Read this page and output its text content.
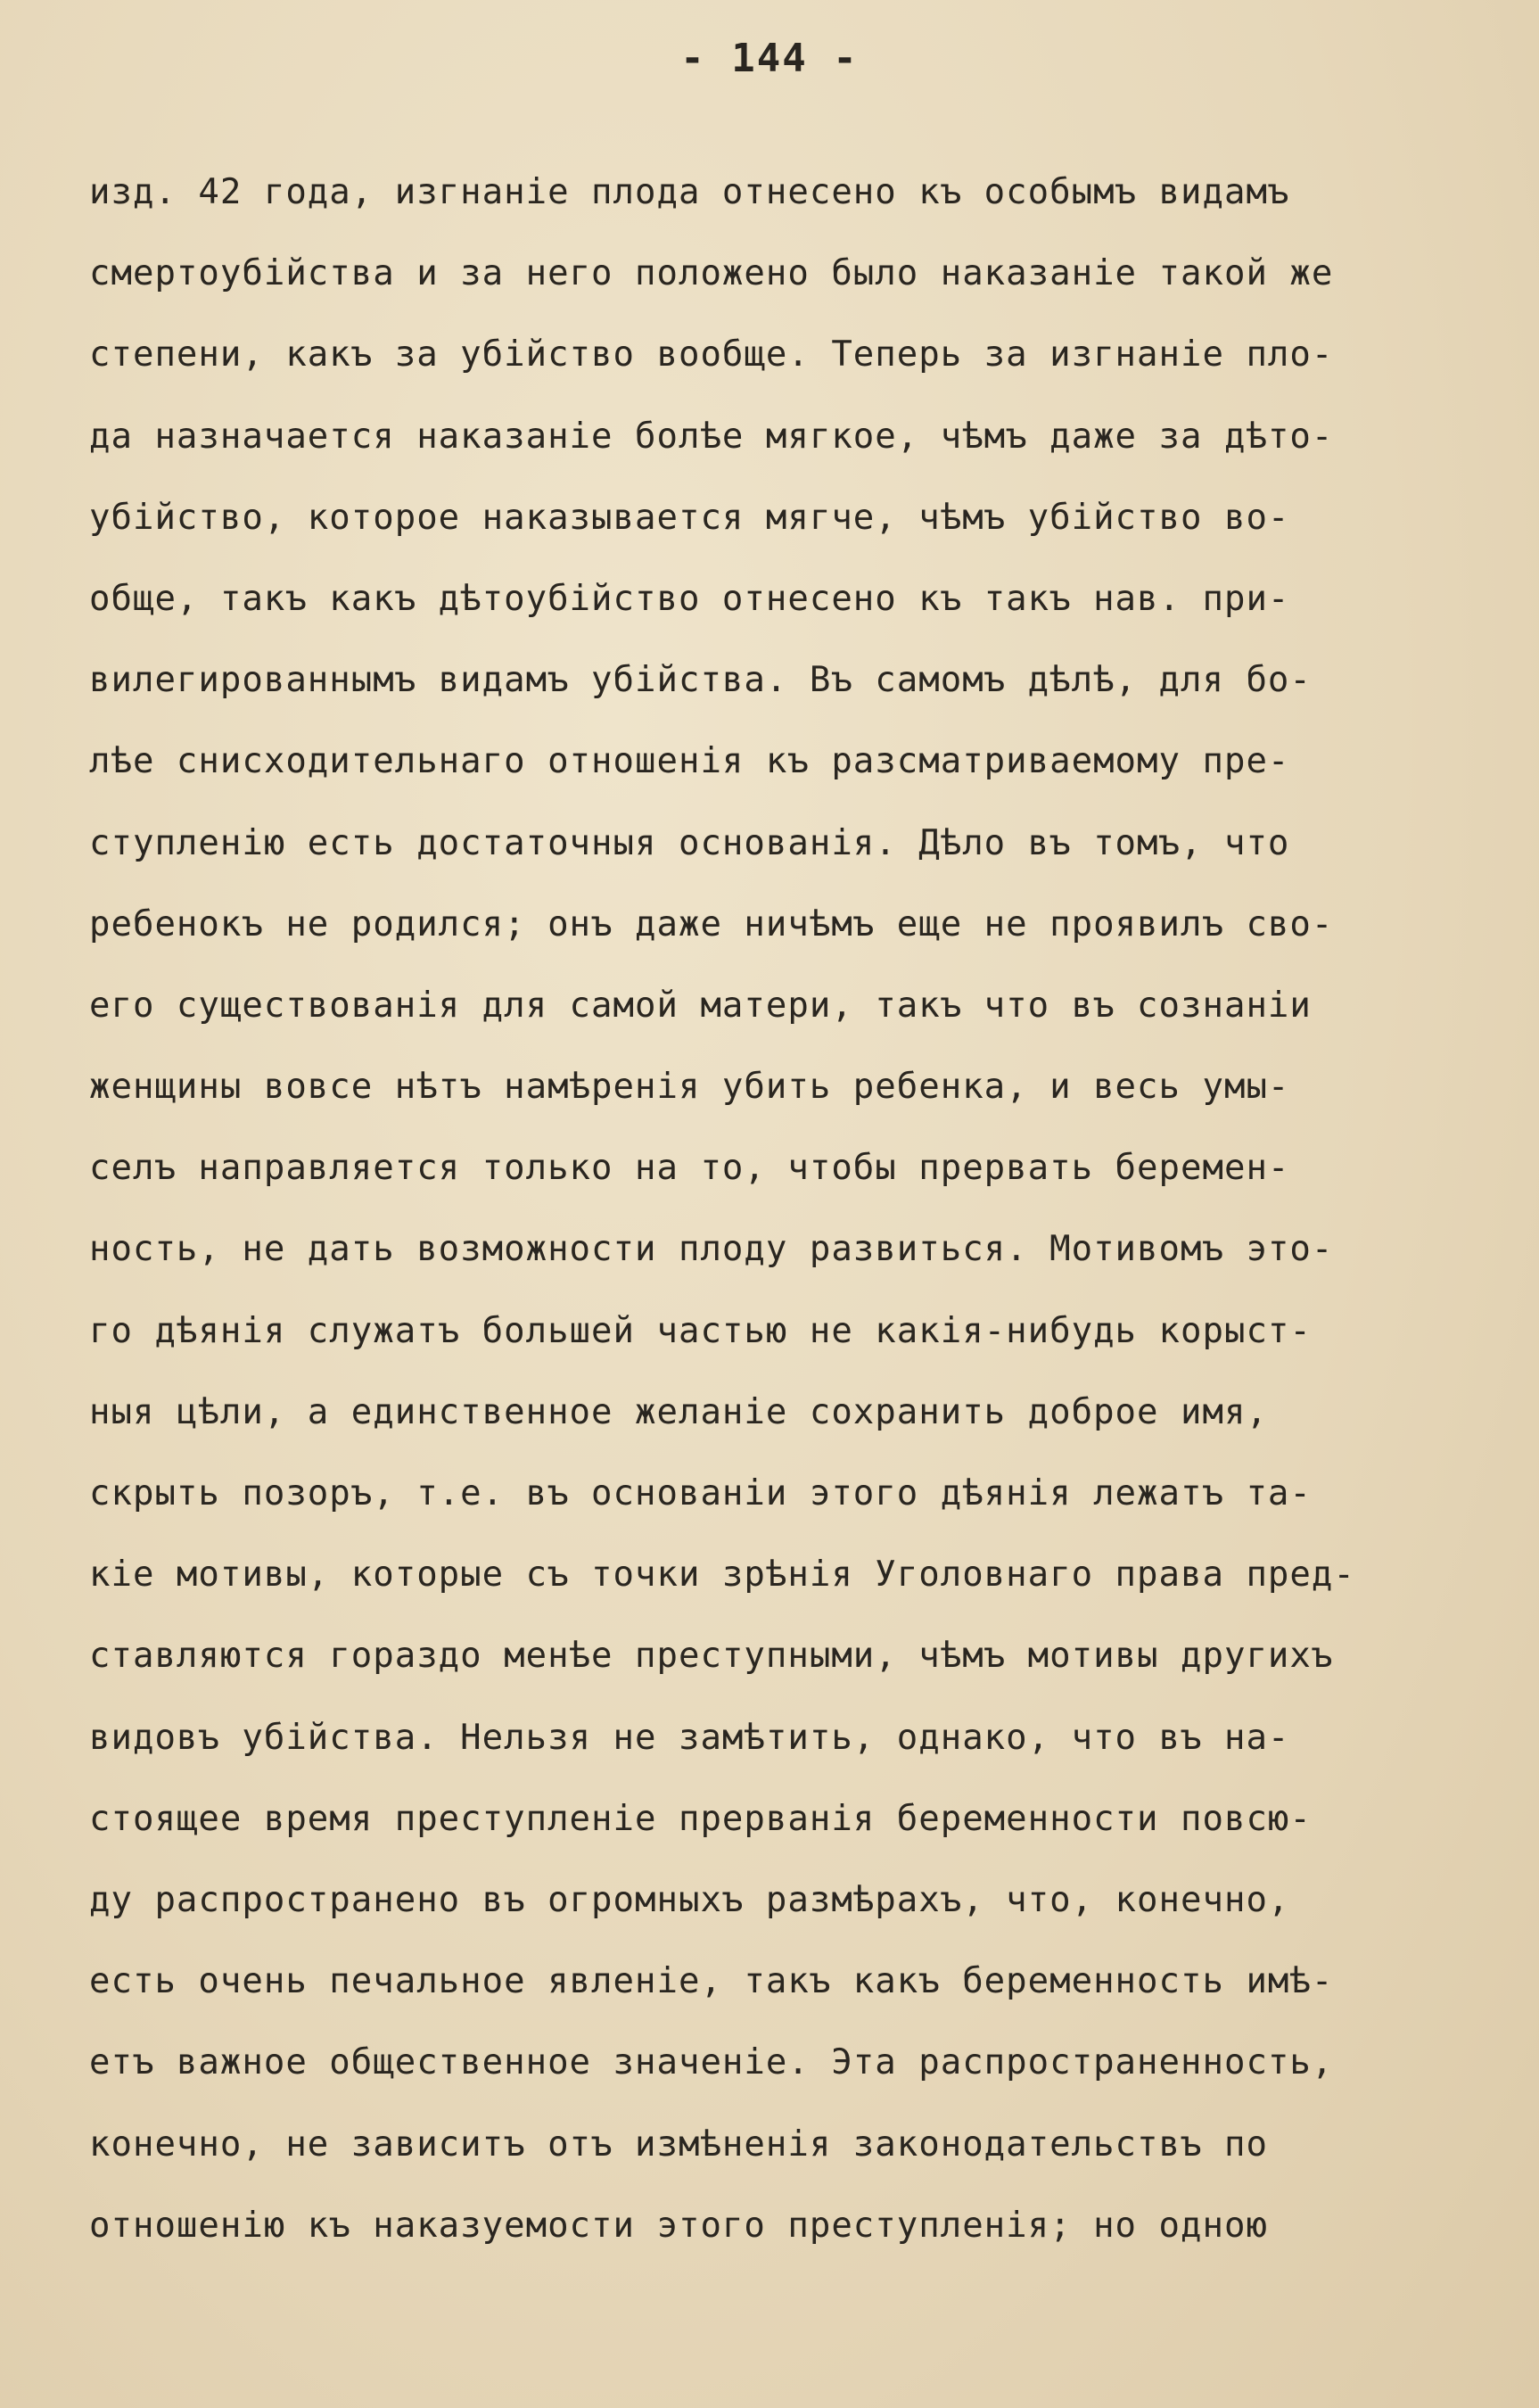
- 144 -
изд. 42 года, изгнаніе плода отнесено къ особымъ видамъ
смертоубійства и за него положено было наказаніе такой же
степени, какъ за убійство вообще. Теперь за изгнаніе пло-
да назначается наказаніе болѣе мягкое, чѣмъ даже за дѣто-
убійство, которое наказывается мягче, чѣмъ убійство во-
обще, такъ какъ дѣтоубійство отнесено къ такъ нав. при-
вилегированнымъ видамъ убійства. Въ самомъ дѣлѣ, для бо-
лѣе снисходительнаго отношенія къ разсматриваемому пре-
ступленію есть достаточныя основанія. Дѣло въ томъ, что
ребенокъ не родился; онъ даже ничѣмъ еще не проявилъ сво-
его существованія для самой матери, такъ что въ сознаніи
женщины вовсе нѣтъ намѣренія убить ребенка, и весь умы-
селъ направляется только на то, чтобы прервать беремен-
ность, не дать возможности плоду развиться. Мотивомъ это-
го дѣянія служатъ большей частью не какія-нибудь корыст-
ныя цѣли, а единственное желаніе сохранить доброе имя,
скрыть позоръ, т.е. въ основаніи этого дѣянія лежатъ та-
кіе мотивы, которые съ точки зрѣнія Уголовнаго права пред-
ставляются гораздо менѣе преступными, чѣмъ мотивы другихъ
видовъ убійства. Нельзя не замѣтить, однако, что въ на-
стоящее время преступленіе прерванія беременности повсю-
ду распространено въ огромныхъ размѣрахъ, что, конечно,
есть очень печальное явленіе, такъ какъ беременность имѣ-
етъ важное общественное значеніе. Эта распространенность,
конечно, не зависитъ отъ измѣненія законодательствъ по
отношенію къ наказуемости этого преступленія; но одною
